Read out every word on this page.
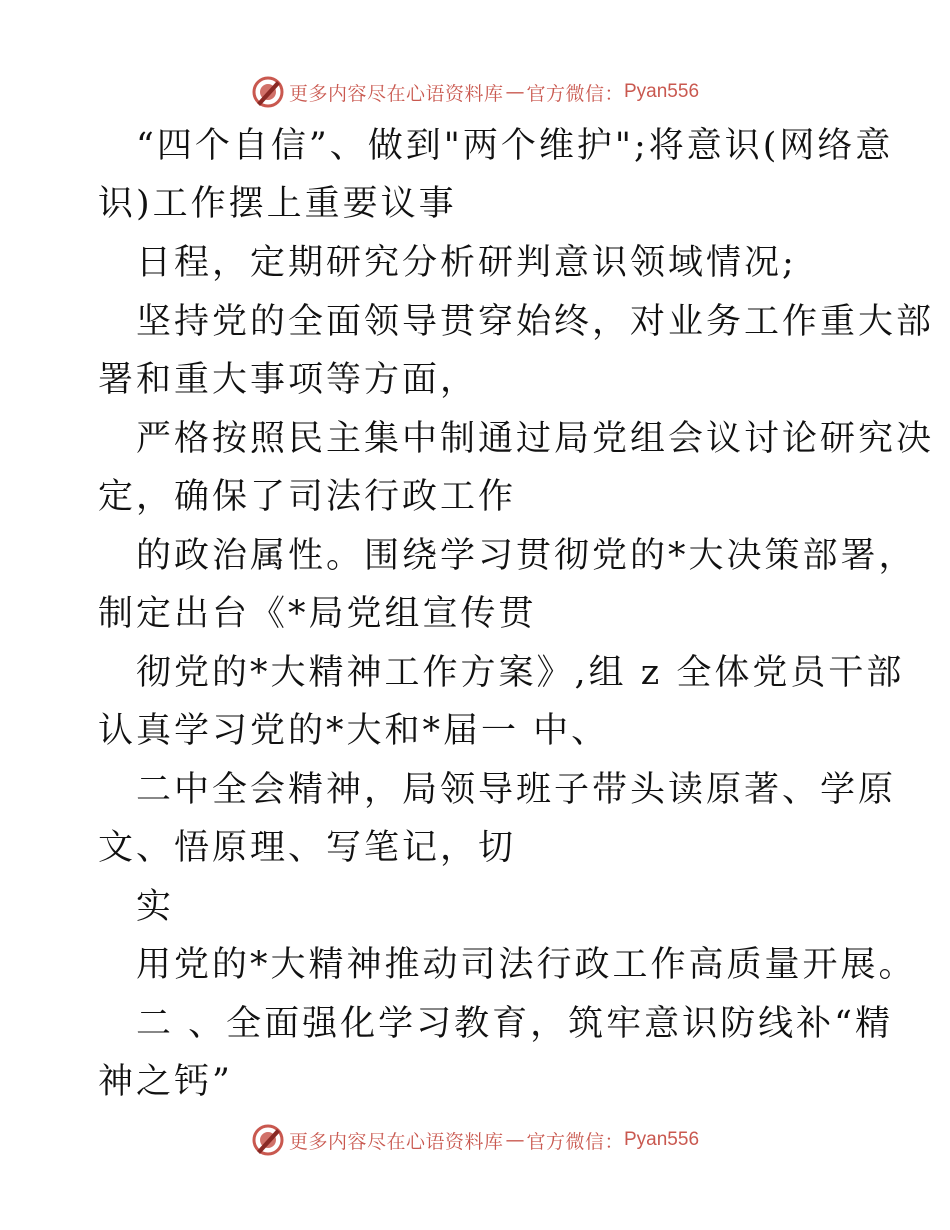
更多内容尽在心语资料库 — 官方微信： Pyan556
“四个自信”、做到"两个维护";将意识(网络意
识)工作摆上重要议事
日程，定期研究分析研判意识领域情况;
坚持党的全面领导贯穿始终，对业务工作重大部
署和重大事项等方面，
严格按照民主集中制通过局党组会议讨论研究决
定，确保了司法行政工作
的政治属性。围绕学习贯彻党的*大决策部署，
制定出台《*局党组宣传贯
彻党的*大精神工作方案》,组 z 全体党员干部
认真学习党的*大和*届一 中、
二中全会精神，局领导班子带头读原著、学原
文、悟原理、写笔记，切
实
用党的*大精神推动司法行政工作高质量开展。
二 、全面强化学习教育，筑牢意识防线补“精
神之钙”
更多内容尽在心语资料库 — 官方微信： Pyan556
